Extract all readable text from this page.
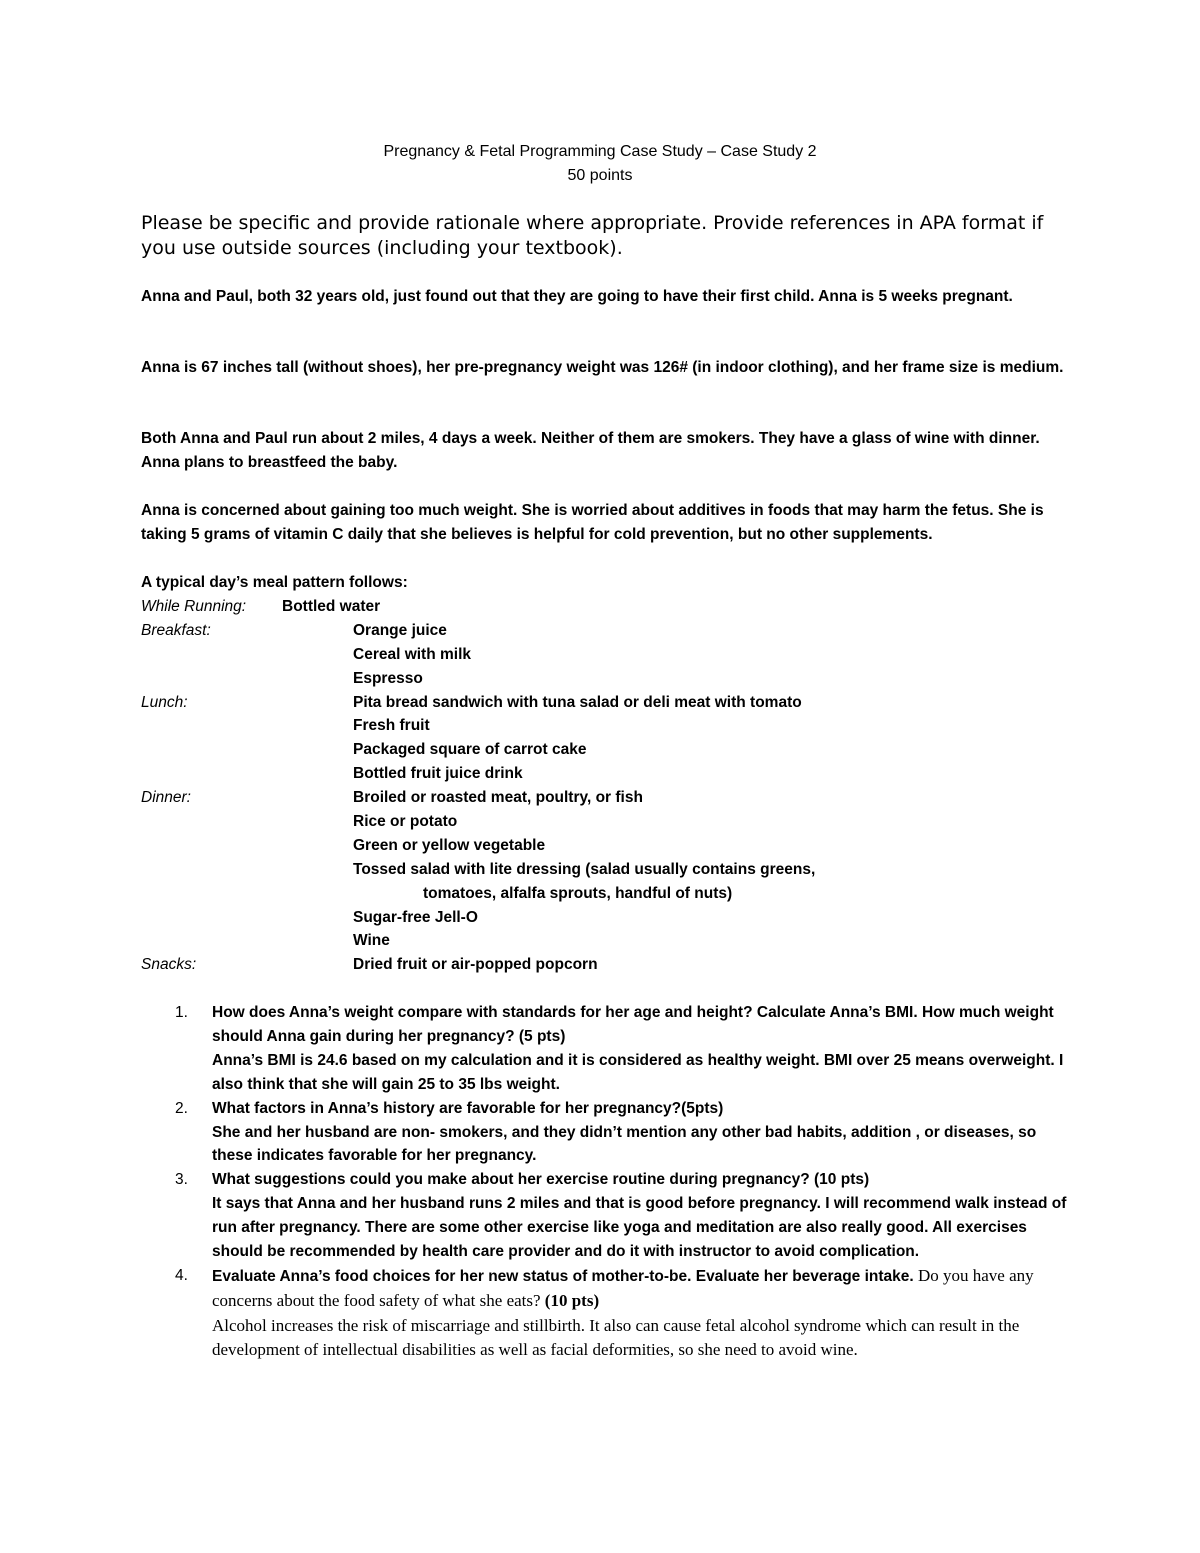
Pregnancy & Fetal Programming Case Study – Case Study 2
50 points
Please be specific and provide rationale where appropriate. Provide references in APA format if you use outside sources (including your textbook).

Anna and Paul, both 32 years old, just found out that they are going to have their first child. Anna is 5 weeks pregnant.

Anna is 67 inches tall (without shoes), her pre-pregnancy weight was 126# (in indoor clothing), and her frame size is medium.

Both Anna and Paul run about 2 miles, 4 days a week. Neither of them are smokers. They have a glass of wine with dinner. Anna plans to breastfeed the baby.

Anna is concerned about gaining too much weight. She is worried about additives in foods that may harm the fetus. She is taking 5 grams of vitamin C daily that she believes is helpful for cold prevention, but no other supplements.

A typical day’s meal pattern follows:
While Running: Bottled water
Breakfast:	Orange juice
Cereal with milk
Espresso
Lunch:	Pita bread sandwich with tuna salad or deli meat with tomato
Fresh fruit
Packaged square of carrot cake
Bottled fruit juice drink
Dinner:	Broiled or roasted meat, poultry, or fish
Rice or potato
Green or yellow vegetable
Tossed salad with lite dressing (salad usually contains greens,
tomatoes, alfalfa sprouts, handful of nuts)
Sugar-free Jell-O
Wine
Snacks:	Dried fruit or air-popped popcorn
1. How does Anna’s weight compare with standards for her age and height? Calculate Anna’s BMI. How much weight should Anna gain during her pregnancy? (5 pts)
Anna’s BMI is 24.6 based on my calculation and it is considered as healthy weight. BMI over 25 means overweight. I also think that she will gain 25 to 35 lbs weight.
2. What factors in Anna’s history are favorable for her pregnancy?(5pts)
She and her husband are non- smokers, and they didn’t mention any other bad habits, addition , or diseases, so these indicates favorable for her pregnancy.
3. What suggestions could you make about her exercise routine during pregnancy? (10 pts)
It says that Anna and her husband runs 2 miles and that is good before pregnancy. I will recommend walk instead of run after pregnancy. There are some other exercise like yoga and meditation are also really good. All exercises should be recommended by health care provider and do it with instructor to avoid complication.
4. Evaluate Anna’s food choices for her new status of mother-to-be. Evaluate her beverage intake. Do you have any concerns about the food safety of what she eats? (10 pts)
Alcohol increases the risk of miscarriage and stillbirth. It also can cause fetal alcohol syndrome which can result in the development of intellectual disabilities as well as facial deformities, so she need to avoid wine.
